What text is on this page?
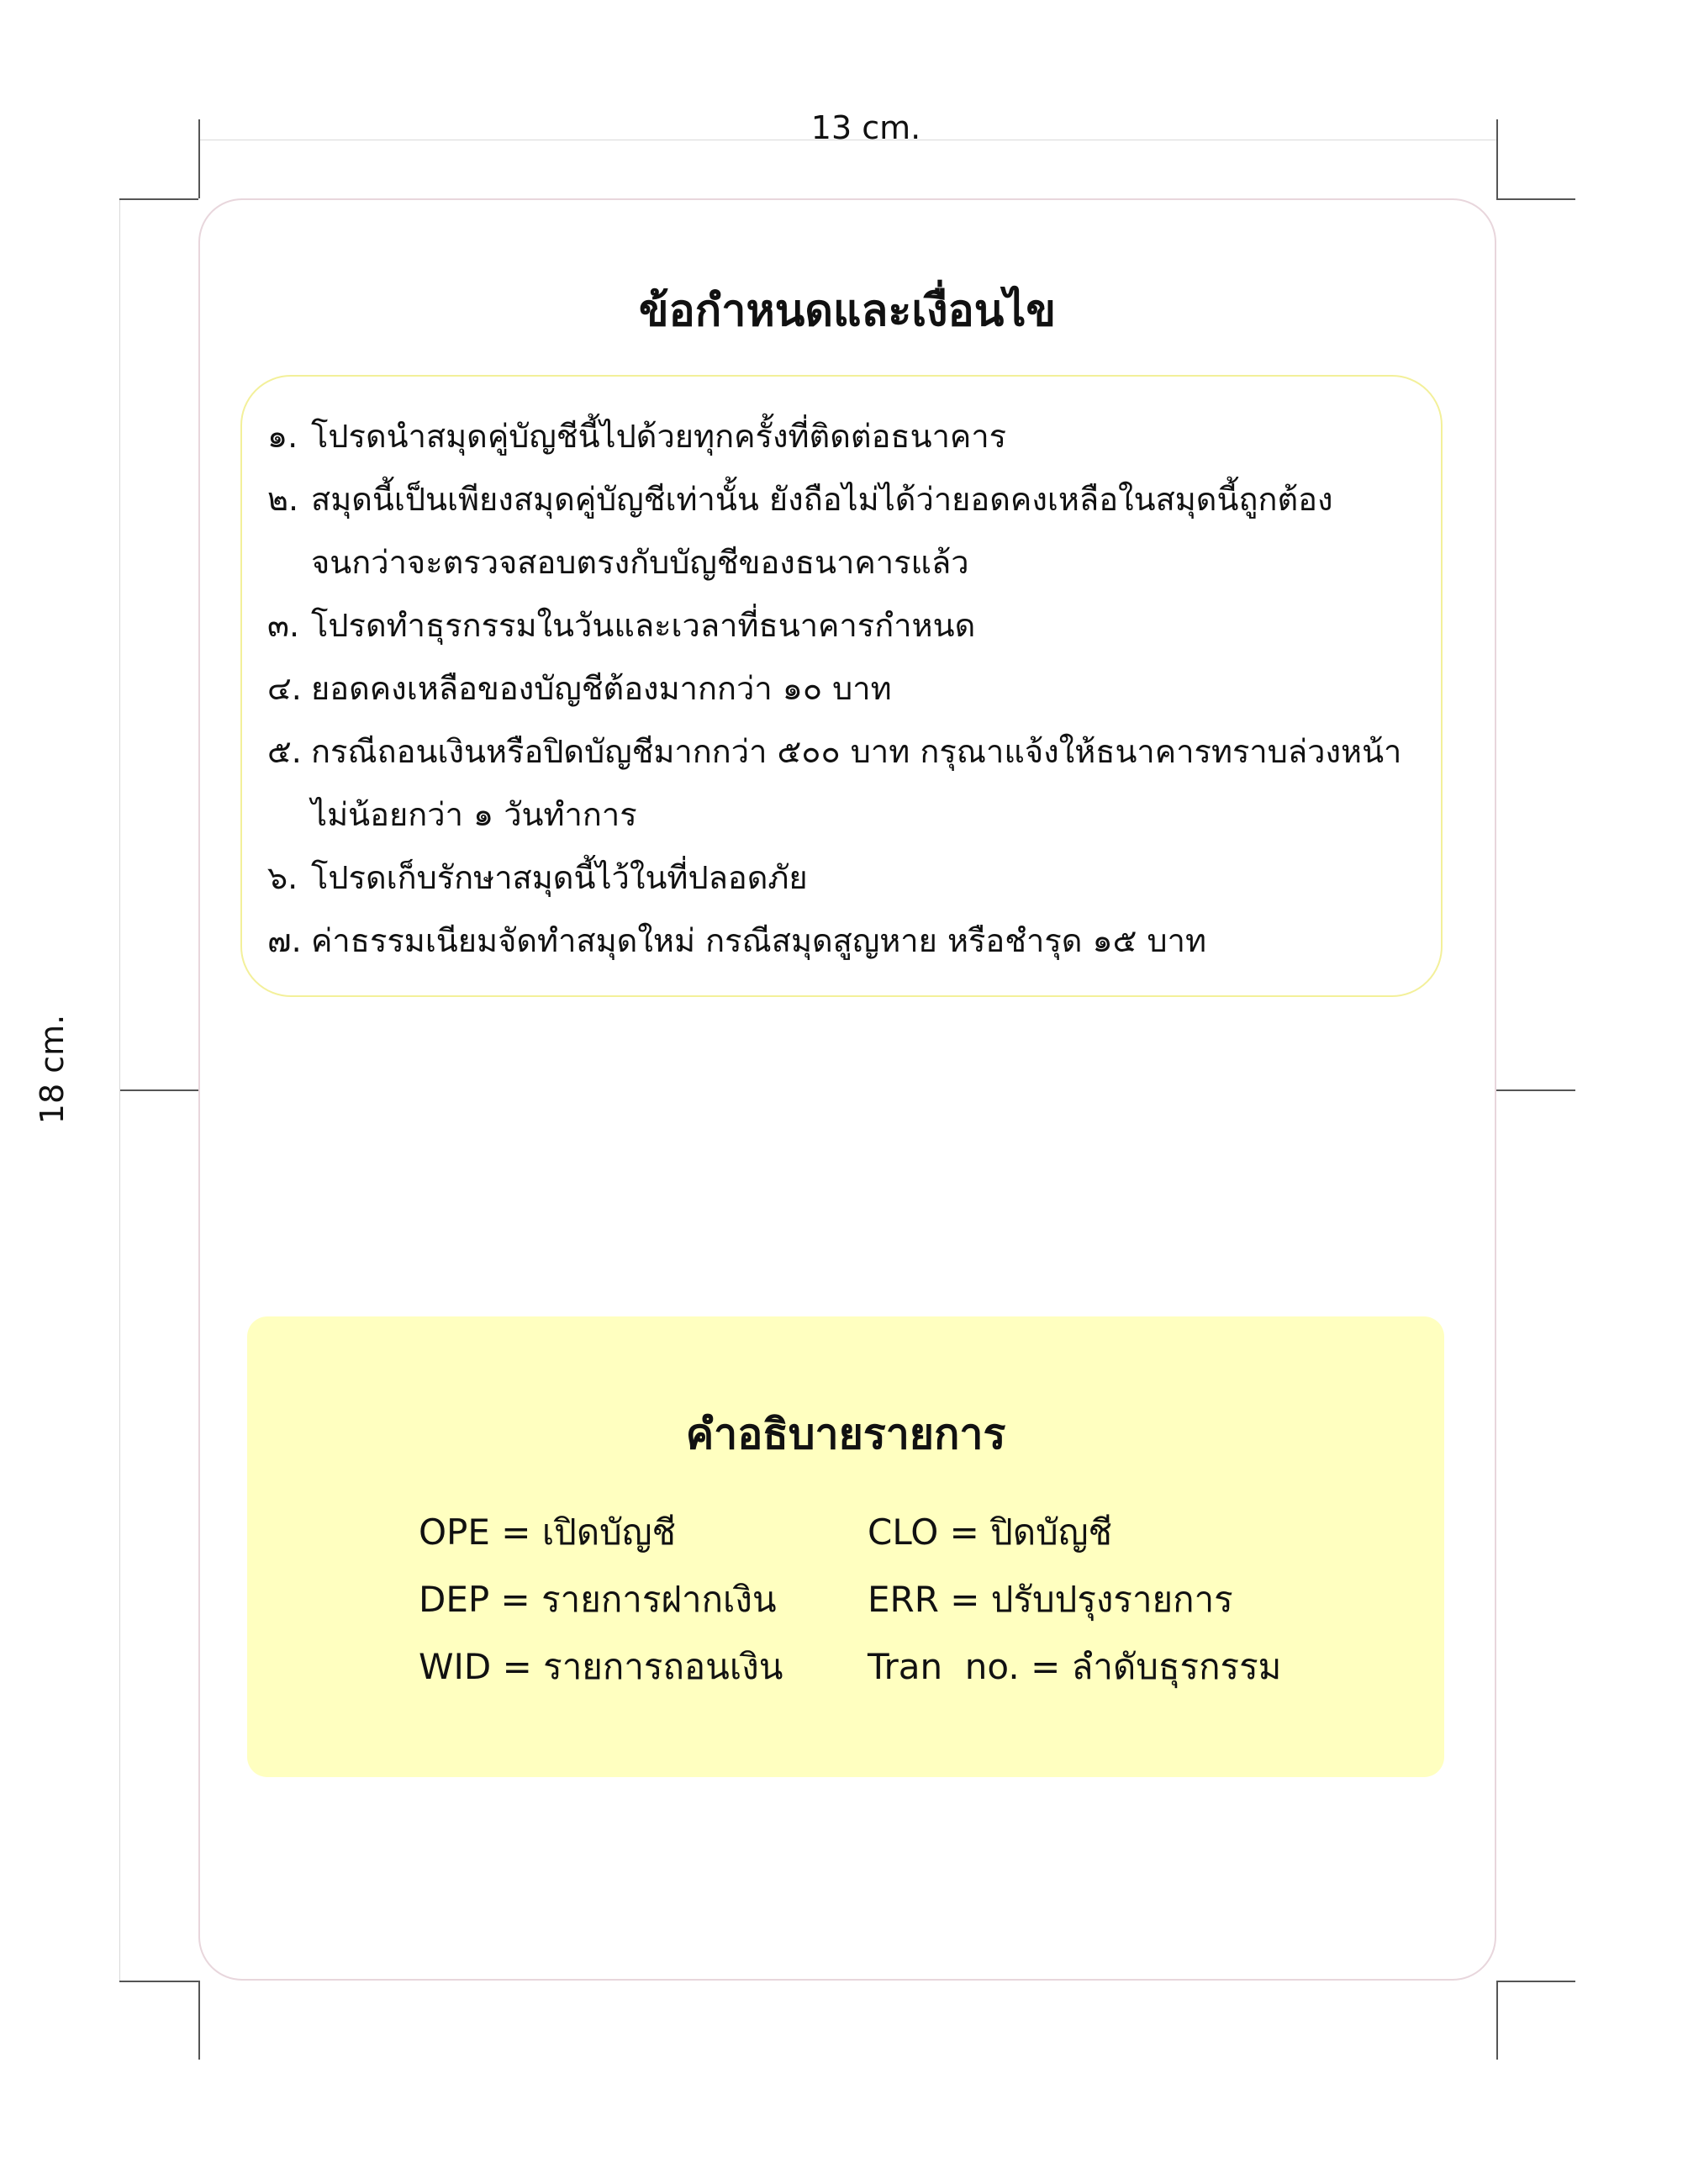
13 cm.
18 cm.
ข้อกำหนดและเงื่อนไข
๑. โปรดนำสมุดคู่บัญชีนี้ไปด้วยทุกครั้งที่ติดต่อธนาคาร
๒. สมุดนี้เป็นเพียงสมุดคู่บัญชีเท่านั้น ยังถือไม่ได้ว่ายอดคงเหลือในสมุดนี้ถูกต้อง
จนกว่าจะตรวจสอบตรงกับบัญชีของธนาคารแล้ว
๓. โปรดทำธุรกรรมในวันและเวลาที่ธนาคารกำหนด
๔. ยอดคงเหลือของบัญชีต้องมากกว่า ๑๐ บาท
๕. กรณีถอนเงินหรือปิดบัญชีมากกว่า ๕๐๐ บาท กรุณาแจ้งให้ธนาคารทราบล่วงหน้า
ไม่น้อยกว่า ๑ วันทำการ
๖. โปรดเก็บรักษาสมุดนี้ไว้ในที่ปลอดภัย
๗. ค่าธรรมเนียมจัดทำสมุดใหม่ กรณีสมุดสูญหาย หรือชำรุด ๑๕ บาท
คำอธิบายรายการ
OPE = เปิดบัญชี	CLO = ปิดบัญชี
DEP = รายการฝากเงิน	ERR = ปรับปรุงรายการ
WID = รายการถอนเงิน	Tran  no. = ลำดับธุรกรรม
